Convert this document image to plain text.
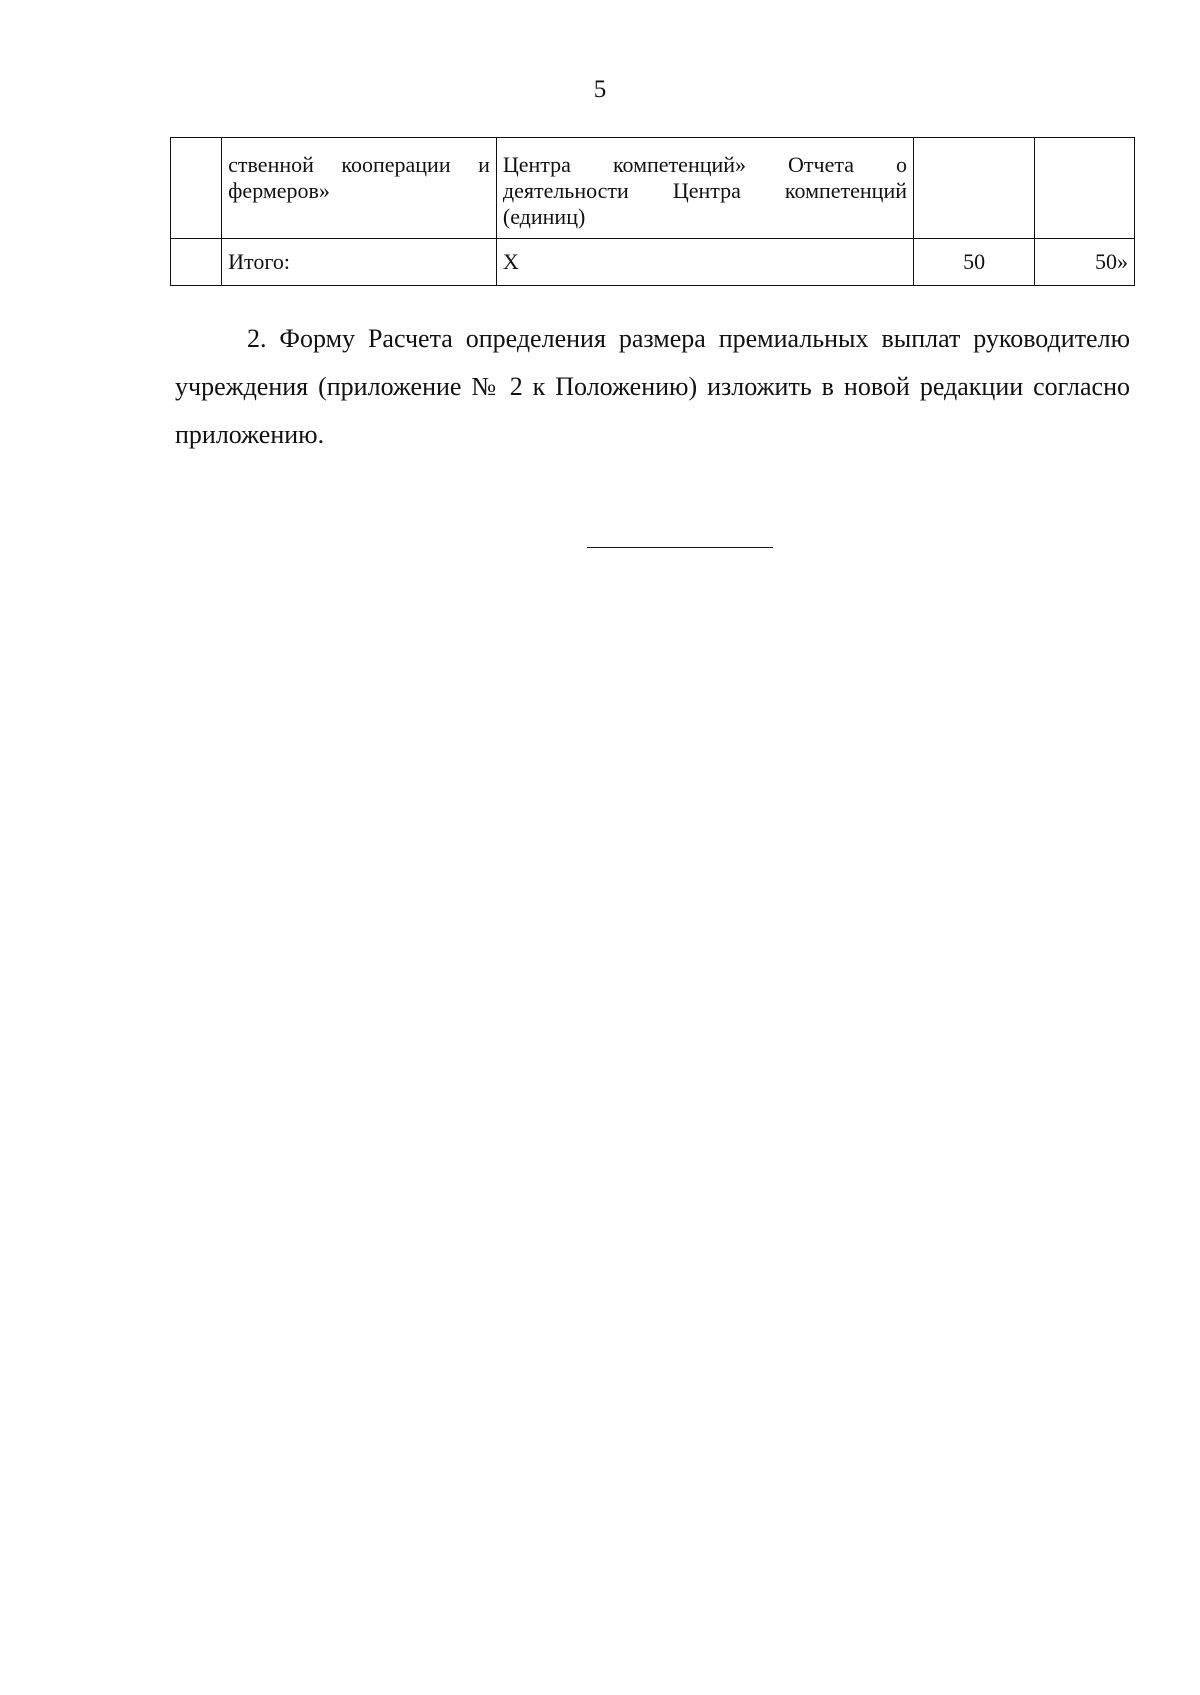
5
	ственной кооперации и фермеров»	Центра компетенций» Отчета о деятельности Центра компетенций (единиц)		
	Итого:	Х	50	50»

2. Форму Расчета определения размера премиальных выплат руководителю учреждения (приложение № 2 к Положению) изложить в новой редакции согласно приложению.
